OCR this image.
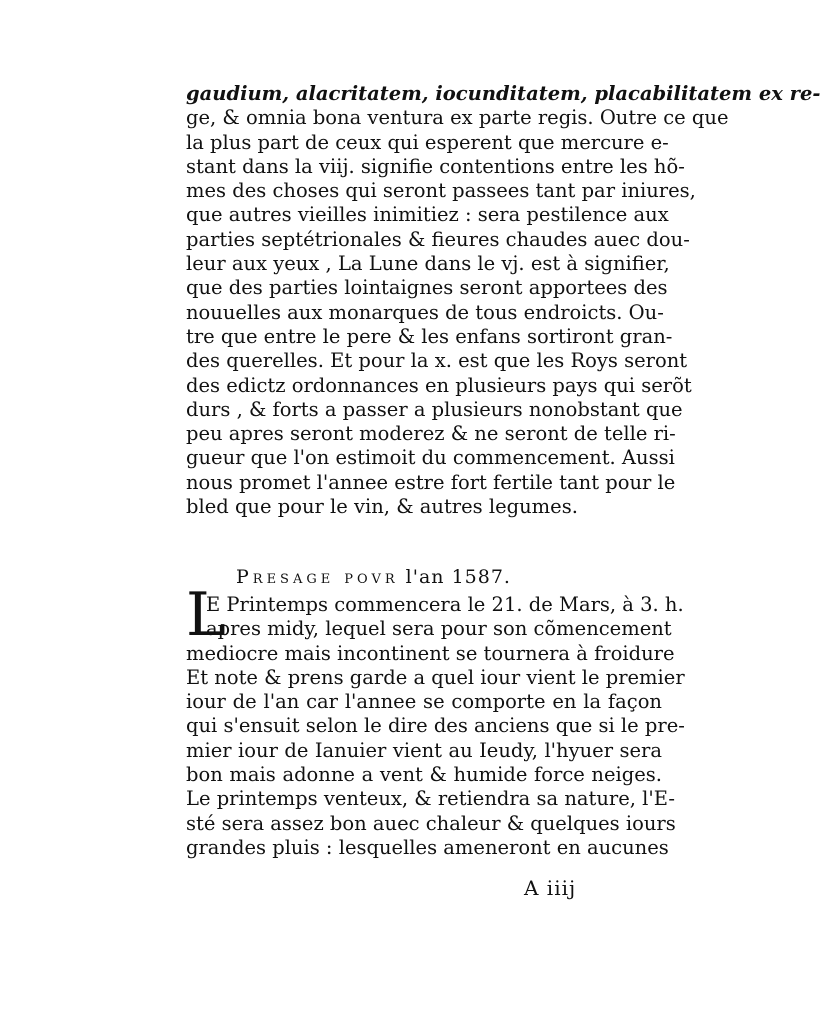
gaudium, alacritatem, iocunditatem, placabilitatem ex re-
ge, & omnia bona ventura ex parte regis. Outre ce que
la plus part de ceux qui esperent que mercure e-
stant dans la viij. signifie contentions entre les hõ-
mes des choses qui seront passees tant par iniures,
que autres vieilles inimitiez : sera pestilence aux
parties septétrionales & fieures chaudes auec dou-
leur aux yeux , La Lune dans le vj. est à signifier,
que des parties lointaignes seront apportees des
nouuelles aux monarques de tous endroicts. Ou-
tre que entre le pere & les enfans sortiront gran-
des querelles. Et pour la x. est que les Roys seront
des edictz ordonnances en plusieurs pays qui serõt
durs , & forts a passer a plusieurs nonobstant que
peu apres seront moderez & ne seront de telle ri-
gueur que l'on estimoit du commencement. Aussi
nous promet l'annee estre fort fertile tant pour le
bled que pour le vin, & autres legumes.
Presage povr l'an 1587.
L
E Printemps commencera le 21. de Mars, à 3. h.
apres midy, lequel sera pour son cõmencement
mediocre mais incontinent se tournera à froidure
Et note & prens garde a quel iour vient le premier
iour de l'an car l'annee se comporte en la façon
qui s'ensuit selon le dire des anciens que si le pre-
mier iour de Ianuier vient au Ieudy, l'hyuer sera
bon mais adonne a vent & humide force neiges.
Le printemps venteux, & retiendra sa nature, l'E-
sté sera assez bon auec chaleur & quelques iours
grandes pluis : lesquelles ameneront en aucunes
A iiij
